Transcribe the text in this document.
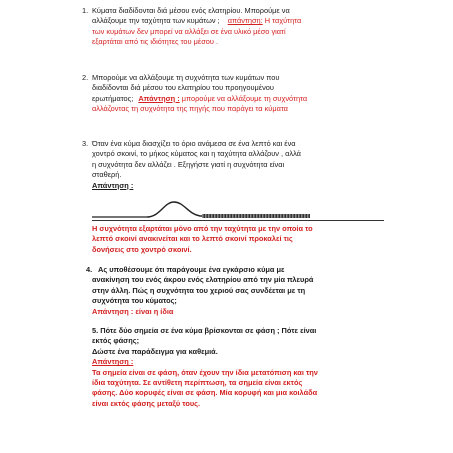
1. Κύματα διαδίδονται διά μέσου ενός ελατηρίου. Μπορούμε να
αλλάξουμε την ταχύτητα των κυμάτων ; απάντηση: Η ταχύτητα
των κυμάτων δεν μπορεί να αλλάξει σε ένα υλικό μέσο γιατί
εξαρτάται από τις ιδιότητες του μέσου .
2. Μπορούμε να αλλάξουμε τη συχνότητα των κυμάτων που
διαδίδονται διά μέσου του ελατηρίου του προηγουμένου
ερωτήματος; Απάντηση : μπορούμε να αλλάξουμε τη συχνότητα
αλλάζοντας τη συχνότητα της πηγής που παράγει τα κύματα
3. Όταν ένα κύμα διασχίζει το όριο ανάμεσα σε ένα λεπτό και ένα
χοντρό σκοινί, το μήκος κύματος και η ταχύτητα αλλάζουν , αλλά
η συχνότητα δεν αλλάζει . Εξηγήστε γιατί η συχνότητα είναι
σταθερή.
Απάντηση :
Η συχνότητα εξαρτάται μόνο από την ταχύτητα με την οποία το
λεπτό σκοινί ανακινείται και το λεπτό σκοινί προκαλεί τις
δονήσεις στο χοντρό σκοινί.
4. Ας υποθέσουμε ότι παράγουμε ένα εγκάρσιο κύμα με
ανακίνηση του ενός άκρου ενός ελατηρίου από την μία πλευρά
στην άλλη. Πώς η συχνότητα του χεριού σας συνδέεται με τη
συχνότητα του κύματος;
Απάντηση : είναι η ίδια
5. Πότε δύο σημεία σε ένα κύμα βρίσκονται σε φάση ; Πότε είναι
εκτός φάσης;
Δώστε ένα παράδειγμα για καθεμιά.
Απάντηση :
Τα σημεία είναι σε φάση, όταν έχουν την ίδια μετατόπιση και την
ίδια ταχύτητα. Σε αντίθετη περίπτωση, τα σημεία είναι εκτός
φάσης. Δύο κορυφές είναι σε φάση. Μία κορυφή και μια κοιλάδα
είναι εκτός φάσης μεταξύ τους.
